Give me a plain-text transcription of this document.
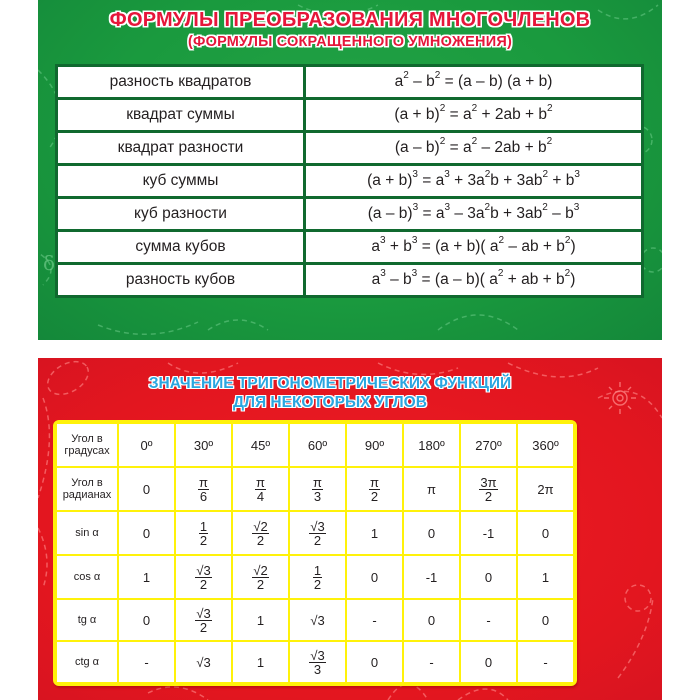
δ
ФОРМУЛЫ ПРЕОБРАЗОВАНИЯ МНОГОЧЛЕНОВ
(ФОРМУЛЫ СОКРАЩЕННОГО УМНОЖЕНИЯ)
разность квадратов	$a^2 - b^2 = (a - b) (a + b)$
квадрат суммы	$(a + b)^2 = a^2 + 2ab + b^2$
квадрат разности	$(a - b)^2 = a^2 - 2ab + b^2$
куб суммы	$(a + b)^3 = a^3 + 3a^2b + 3ab^2 + b^3$
куб разности	$(a - b)^3 = a^3 - 3a^2b + 3ab^2 - b^3$
сумма кубов	$a^3 + b^3 = (a + b)$( $a^2$ – ab + $b^2$)
разность кубов	$a^3 - b^3 = (a - b)$( $a^2$ + ab + $b^2$)
ЗНАЧЕНИЕ ТРИГОНОМЕТРИЧЕСКИХ ФУНКЦИЙ
ДЛЯ НЕКОТОРЫХ УГЛОВ
Угол в градусах	0º	30º	45º	60º	90º	180º	270º	360º
Угол в радианах	0	$\frac{\pi}{6}$	$\frac{\pi}{4}$	$\frac{\pi}{3}$	$\frac{\pi}{2}$	π	$\frac{3\pi}{2}$	2π
sin α	0	$\frac{1}{2}$	$\frac{√2}{2}$	$\frac{√3}{2}$	1	0	-1	0
cos α	1	$\frac{√3}{2}$	$\frac{√2}{2}$	$\frac{1}{2}$	0	-1	0	1
tg α	0	$\frac{√3}{2}$	1	√3	-	0	-	0
ctg α	-	√3	1	$\frac{√3}{3}$	0	-	0	-
